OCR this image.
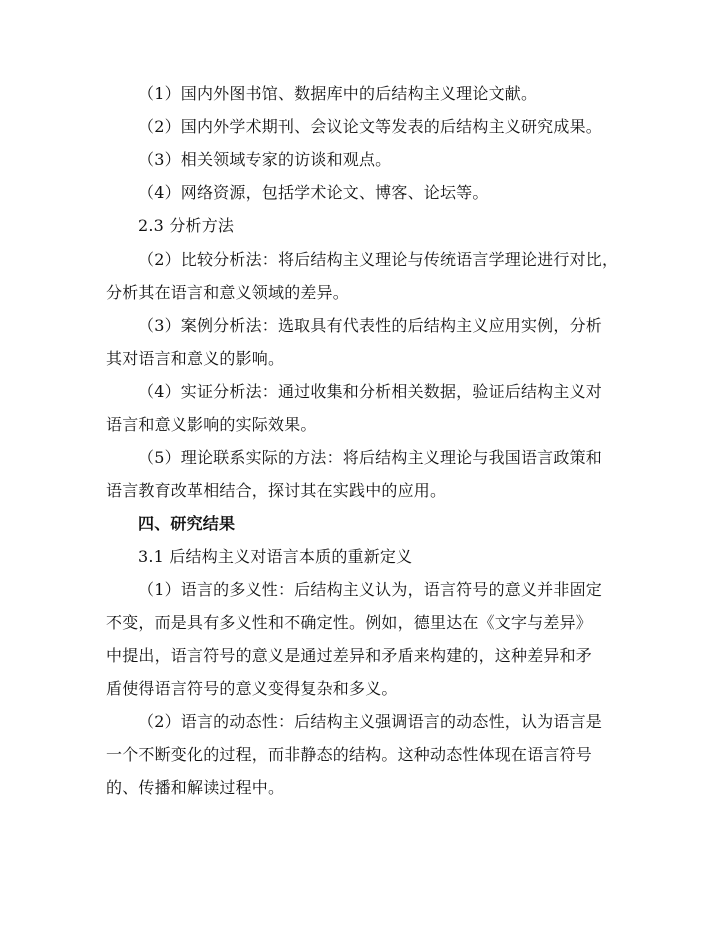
（1）国内外图书馆、数据库中的后结构主义理论文献。
（2）国内外学术期刊、会议论文等发表的后结构主义研究成果。
（3）相关领域专家的访谈和观点。
（4）网络资源，包括学术论文、博客、论坛等。
2.3 分析方法
（2）比较分析法：将后结构主义理论与传统语言学理论进行对比，
分析其在语言和意义领域的差异。
（3）案例分析法：选取具有代表性的后结构主义应用实例，分析
其对语言和意义的影响。
（4）实证分析法：通过收集和分析相关数据，验证后结构主义对
语言和意义影响的实际效果。
（5）理论联系实际的方法：将后结构主义理论与我国语言政策和
语言教育改革相结合，探讨其在实践中的应用。
四、研究结果
3.1 后结构主义对语言本质的重新定义
（1）语言的多义性：后结构主义认为，语言符号的意义并非固定
不变，而是具有多义性和不确定性。例如，德里达在《文字与差异》
中提出，语言符号的意义是通过差异和矛盾来构建的，这种差异和矛
盾使得语言符号的意义变得复杂和多义。
（2）语言的动态性：后结构主义强调语言的动态性，认为语言是
一个不断变化的过程，而非静态的结构。这种动态性体现在语言符号
的、传播和解读过程中。
